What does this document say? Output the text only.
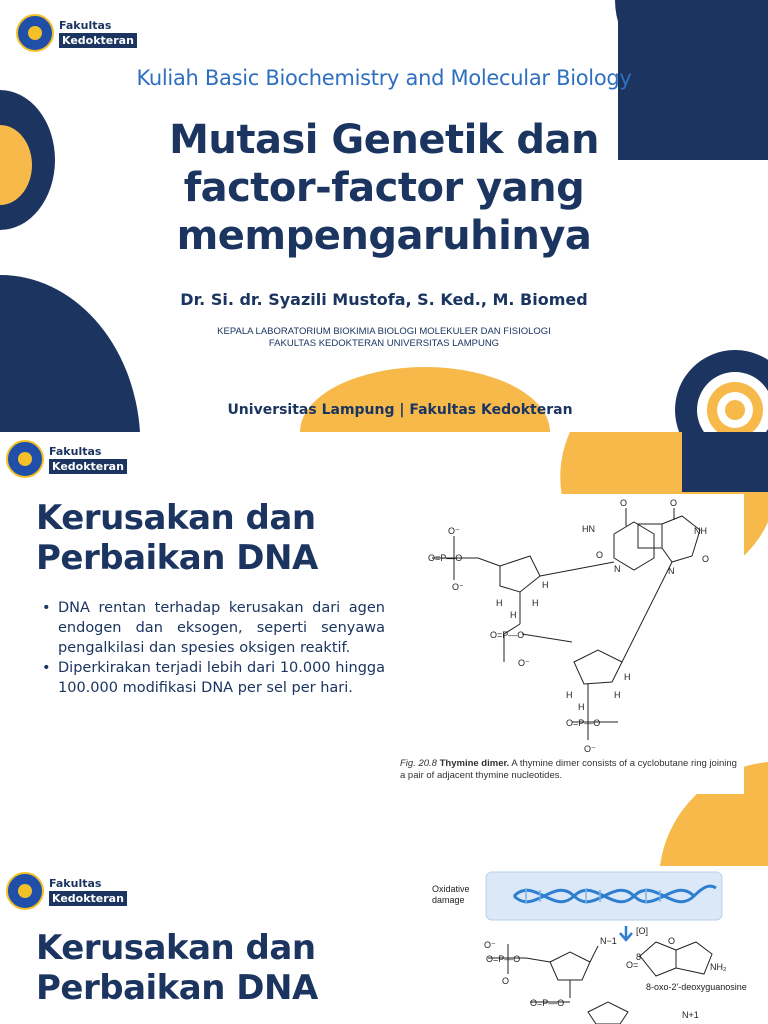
Fakultas
Kedokteran
Kuliah Basic Biochemistry and Molecular Biology
Mutasi Genetik dan
factor-factor yang
mempengaruhinya
Dr. Si. dr. Syazili Mustofa, S. Ked., M. Biomed
KEPALA LABORATORIUM BIOKIMIA BIOLOGI MOLEKULER DAN FISIOLOGI
FAKULTAS KEDOKTERAN UNIVERSITAS LAMPUNG
Universitas Lampung | Fakultas Kedokteran
Fakultas
Kedokteran
Kerusakan dan
Perbaikan DNA
• DNA rentan terhadap kerusakan dari agen endogen dan eksogen, seperti senyawa pengalkilasi dan spesies oksigen reaktif.
• Diperkirakan terjadi lebih dari 10.000 hingga 100.000 modifikasi DNA per sel per hari.
O=P—O
O⁻
O⁻
H
H
H
H
HN
O	O
NH
O
N	N
O
O=P—O
O⁻
H
H
H
H
O=P—O
O⁻
Fig. 20.8 Thymine dimer. A thymine dimer consists of a cyclobutane ring joining a pair of adjacent thymine nucleotides.
Fakultas
Kedokteran
Kerusakan dan
Perbaikan DNA
Oxidative
damage
[O]
O⁻
O=P—O
O
N−1
O=
8
O
NH₂
8-oxo-2'-deoxyguanosine
O=P—O
N+1
